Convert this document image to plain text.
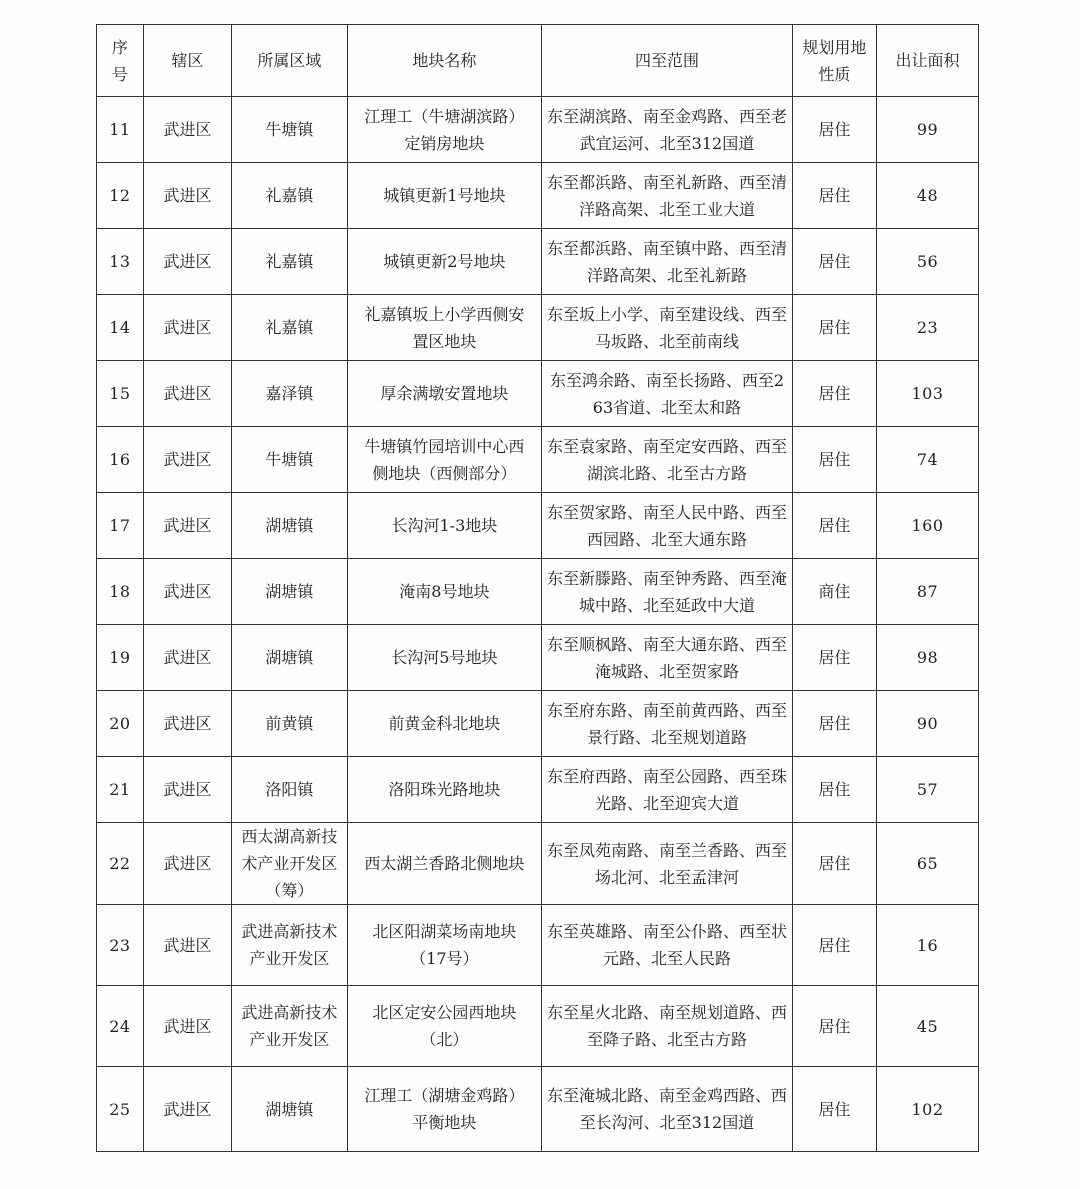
序号	辖区	所属区域	地块名称	四至范围	规划用地性质	出让面积
11	武进区	牛塘镇	江理工（牛塘湖滨路）定销房地块	东至湖滨路、南至金鸡路、西至老武宜运河、北至312国道	居住	99
12	武进区	礼嘉镇	城镇更新1号地块	东至都浜路、南至礼新路、西至清洋路高架、北至工业大道	居住	48
13	武进区	礼嘉镇	城镇更新2号地块	东至都浜路、南至镇中路、西至清洋路高架、北至礼新路	居住	56
14	武进区	礼嘉镇	礼嘉镇坂上小学西侧安置区地块	东至坂上小学、南至建设线、西至马坂路、北至前南线	居住	23
15	武进区	嘉泽镇	厚余满墩安置地块	东至鸿余路、南至长扬路、西至263省道、北至太和路	居住	103
16	武进区	牛塘镇	牛塘镇竹园培训中心西侧地块（西侧部分）	东至袁家路、南至定安西路、西至湖滨北路、北至古方路	居住	74
17	武进区	湖塘镇	长沟河1-3地块	东至贺家路、南至人民中路、西至西园路、北至大通东路	居住	160
18	武进区	湖塘镇	淹南8号地块	东至新滕路、南至钟秀路、西至淹城中路、北至延政中大道	商住	87
19	武进区	湖塘镇	长沟河5号地块	东至顺枫路、南至大通东路、西至淹城路、北至贺家路	居住	98
20	武进区	前黄镇	前黄金科北地块	东至府东路、南至前黄西路、西至景行路、北至规划道路	居住	90
21	武进区	洛阳镇	洛阳珠光路地块	东至府西路、南至公园路、西至珠光路、北至迎宾大道	居住	57
22	武进区	西太湖高新技术产业开发区（筹）	西太湖兰香路北侧地块	东至凤苑南路、南至兰香路、西至场北河、北至孟津河	居住	65
23	武进区	武进高新技术产业开发区	北区阳湖菜场南地块（17号）	东至英雄路、南至公仆路、西至状元路、北至人民路	居住	16
24	武进区	武进高新技术产业开发区	北区定安公园西地块（北）	东至星火北路、南至规划道路、西至降子路、北至古方路	居住	45
25	武进区	湖塘镇	江理工（湖塘金鸡路）平衡地块	东至淹城北路、南至金鸡西路、西至长沟河、北至312国道	居住	102
